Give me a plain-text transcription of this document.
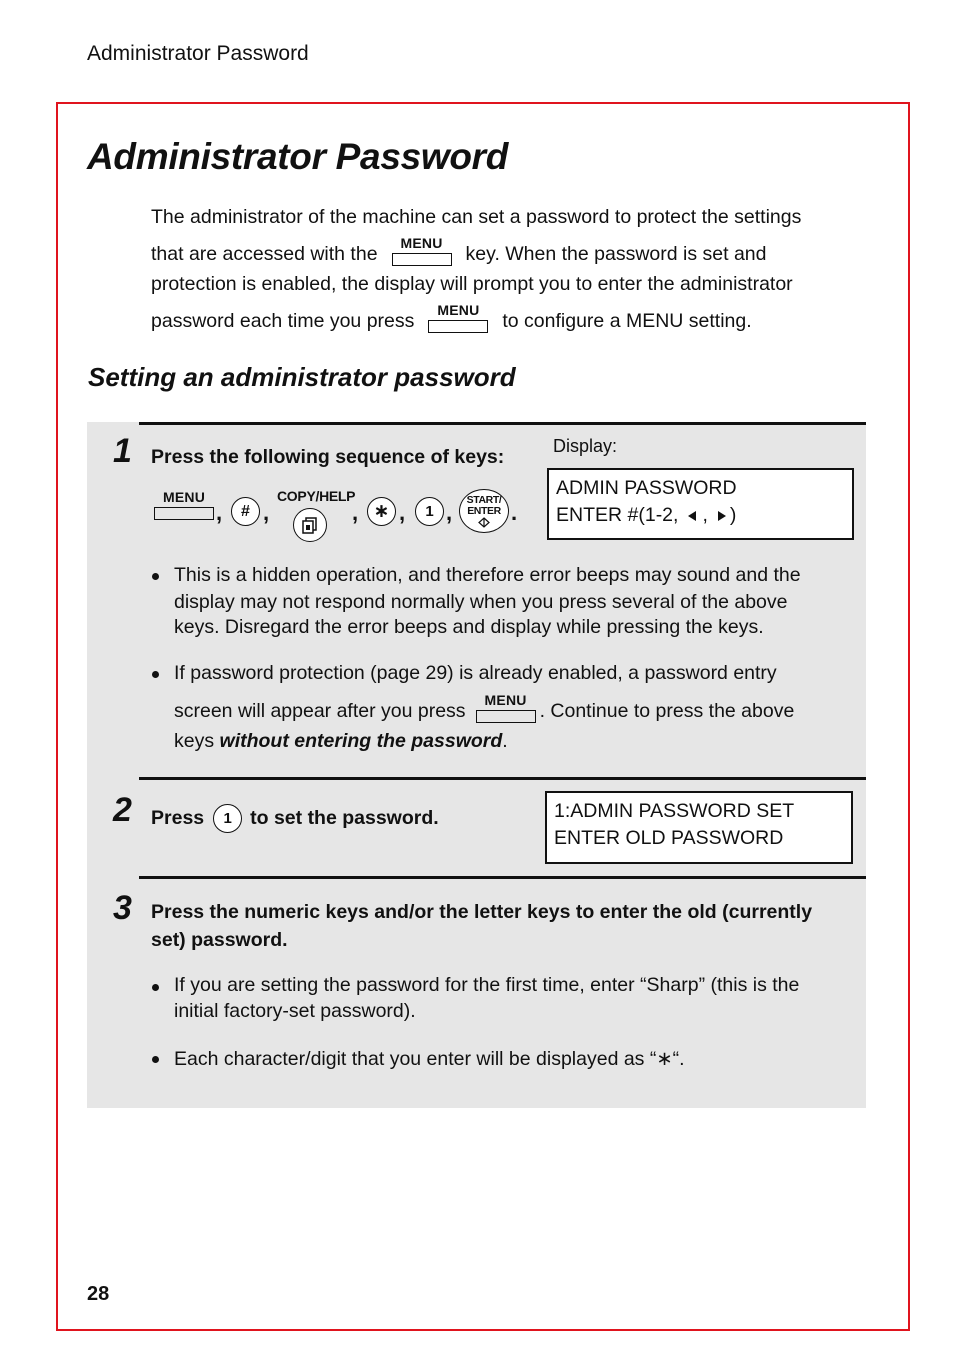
Administrator Password
Administrator Password
The administrator of the machine can set a password to protect the settings
that are accessed with the	MENU	key. When the password is set and
protection is enabled, the display will prompt you to enter the administrator
password each time you press	MENU	to configure a MENU setting.
Setting an administrator password
1 Press the following sequence of keys:	Display:
ADMIN PASSWORD
ENTER #(1-2, , )
MENU
, # ,
COPY/HELP
, ∗ , 1 ,
START/
ENTER .
This is a hidden operation, and therefore error beeps may sound and the
display may not respond normally when you press several of the above
keys. Disregard the error beeps and display while pressing the keys.
If password protection (page 29) is already enabled, a password entry
screen will appear after you press	MENU . Continue to press the above
keys without entering the password.
2 Press 1 to set the password.	1:ADMIN PASSWORD SET
ENTER OLD PASSWORD
3 Press the numeric keys and/or the letter keys to enter the old (currently
set) password.
If you are setting the password for the first time, enter “Sharp” (this is the
initial factory-set password).
Each character/digit that you enter will be displayed as “∗“.
28
